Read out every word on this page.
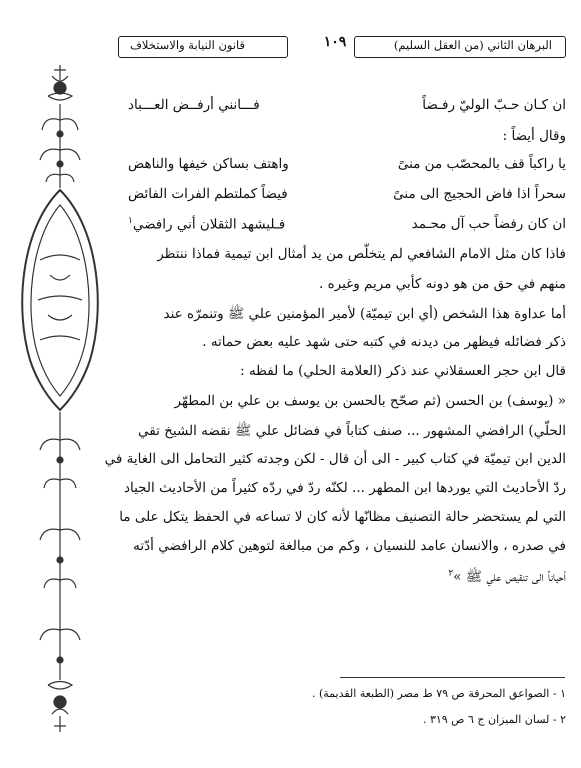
قانون النيابة والاستخلاف	١٠٩	البرهان الثاني (من العقل السليم)
ان كـان حـبّ الوليّ رفـضاً
فـــانني أرفــض العـــباد
وقال أيضاً :
يا راكباً قف بالمحصّب من منىً
واهتف بساكن خيفها والناهض
سحراً اذا فاض الحجيج الى منىً
فيضاً كملتطم الفرات الفائض
ان كان رفضاً حب آل محـمد
فـليشهد الثقلان أني رافضي$^١$
فاذا كان مثل الامام الشافعي لم يتخلّص من يد أمثال ابن تيمية فماذا ننتظر
منهم في حق من هو دونه كأبي مريم وغيره .
أما عداوة هذا الشخص (أي ابن تيميّة) لأمير المؤمنين علي ﷺ وتنمرّه عند
ذكر فضائله فيظهر من ديدنه في كتبه حتى شهد عليه بعض حماته .
قال ابن حجر العسقلاني عند ذكر (العلامة الحلي) ما لفظه :
« (يوسف) بن الحسن (ثم صحّح بالحسن بن يوسف بن علي بن المطهّر
الحلّي) الرافضي المشهور ... صنف كتاباً في فضائل علي ﷺ نقضه الشيخ تقي
الدين ابن تيميّة في كتاب كبير - الى أن قال - لكن وجدته كثير التحامل الى الغاية في
ردّ الأحاديث التي يوردها ابن المطهر ... لكنّه ردّ في ردّه كثيراً من الأحاديث الجياد
التي لم يستحضر حالة التصنيف مظانّها لأنه كان لا تساعه في الحفظ يتكل على ما
في صدره ، والانسان عامد للنسيان ، وكم من مبالغة لتوهين كلام الرافضي أدّته
أحياناً الى تنقيص علي ﷺ »$^٢$
١ - الصواعق المحرقة ص ٧٩ ط مصر (الطبعة القديمة) .
٢ - لسان الميزان ج ٦ ص ٣١٩ .
